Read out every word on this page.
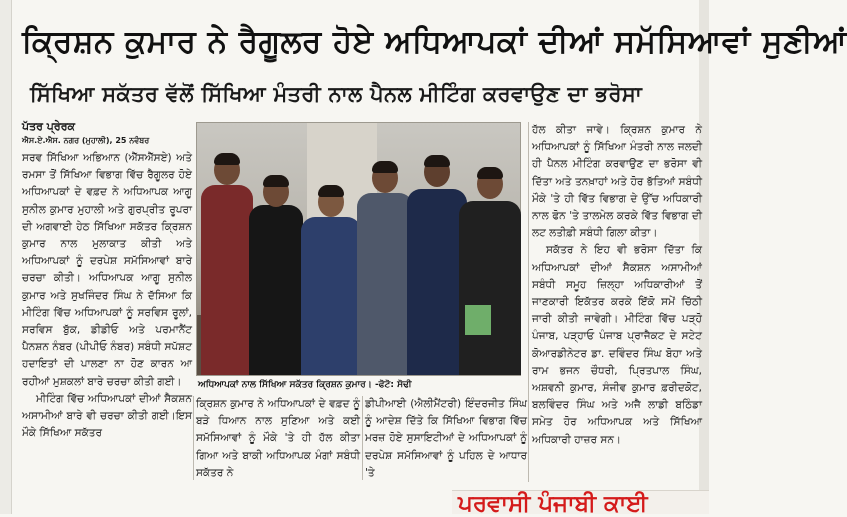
ਕ੍ਰਿਸ਼ਨ ਕੁਮਾਰ ਨੇ ਰੈਗੂਲਰ ਹੋਏ ਅਧਿਆਪਕਾਂ ਦੀਆਂ ਸਮੱਸਿਆਵਾਂ ਸੁਣੀਆਂ
ਸਿੱਖਿਆ ਸਕੱਤਰ ਵੱਲੋਂ ਸਿੱਖਿਆ ਮੰਤਰੀ ਨਾਲ ਪੈਨਲ ਮੀਟਿੰਗ ਕਰਵਾਉਣ ਦਾ ਭਰੋਸਾ
ਪੱਤਰ ਪ੍ਰੇਰਕ
ਐਸ.ਏ.ਐਸ. ਨਗਰ (ਮੁਹਾਲੀ), 25 ਨਵੰਬਰ

ਸਰਵ ਸਿੱਖਿਆ ਅਭਿਆਨ (ਐੱਸਐੱਸਏ) ਅਤੇ ਰਮਸਾ ਤੋਂ ਸਿੱਖਿਆ ਵਿਭਾਗ ਵਿੱਚ ਰੈਗੂਲਰ ਹੋਏ ਅਧਿਆਪਕਾਂ ਦੇ ਵਫ਼ਦ ਨੇ ਅਧਿਆਪਕ ਆਗੂ ਸੁਨੀਲ ਕੁਮਾਰ ਮੁਹਾਲੀ ਅਤੇ ਗੁਰਪ੍ਰੀਤ ਰੂਪਰਾ ਦੀ ਅਗਵਾਈ ਹੇਠ ਸਿੱਖਿਆ ਸਕੱਤਰ ਕ੍ਰਿਸ਼ਨ ਕੁਮਾਰ ਨਾਲ ਮੁਲਾਕਾਤ ਕੀਤੀ ਅਤੇ ਅਧਿਆਪਕਾਂ ਨੂੰ ਦਰਪੇਸ਼ ਸਮੱਸਿਆਵਾਂ ਬਾਰੇ ਚਰਚਾ ਕੀਤੀ। ਅਧਿਆਪਕ ਆਗੂ ਸੁਨੀਲ ਕੁਮਾਰ ਅਤੇ ਸੁਖਜਿੰਦਰ ਸਿੰਘ ਨੇ ਦੱਸਿਆ ਕਿ ਮੀਟਿੰਗ ਵਿੱਚ ਅਧਿਆਪਕਾਂ ਨੂੰ ਸਰਵਿਸ ਰੂਲਾਂ, ਸਰਵਿਸ ਬੁੱਕ, ਡੀਡੀਓ ਅਤੇ ਪਰਮਾਨੈਂਟ ਪੈਨਸ਼ਨ ਨੰਬਰ (ਪੀਪੀਓ ਨੰਬਰ) ਸਬੰਧੀ ਸਪੱਸ਼ਟ ਹਦਾਇਤਾਂ ਦੀ ਪਾਲਣਾ ਨਾ ਹੋਣ ਕਾਰਨ ਆ ਰਹੀਆਂ ਮੁਸ਼ਕਲਾਂ ਬਾਰੇ ਚਰਚਾ ਕੀਤੀ ਗਈ।

ਮੀਟਿੰਗ ਵਿੱਚ ਅਧਿਆਪਕਾਂ ਦੀਆਂ ਸੈਕਸ਼ਨ ਅਸਾਮੀਆਂ ਬਾਰੇ ਵੀ ਚਰਚਾ ਕੀਤੀ ਗਈ।ਇਸ ਮੌਕੇ ਸਿੱਖਿਆ ਸਕੱਤਰ

ਅਧਿਆਪਕਾਂ ਨਾਲ ਸਿੱਖਿਆ ਸਕੱਤਰ ਕ੍ਰਿਸ਼ਨ ਕੁਮਾਰ। -ਫੋਟੋ: ਸੋਢੀ

ਕ੍ਰਿਸ਼ਨ ਕੁਮਾਰ ਨੇ ਅਧਿਆਪਕਾਂ ਦੇ ਵਫ਼ਦ ਨੂੰ ਬੜੇ ਧਿਆਨ ਨਾਲ ਸੁਣਿਆ ਅਤੇ ਕਈ ਸਮੱਸਿਆਵਾਂ ਨੂੰ ਮੌਕੇ 'ਤੇ ਹੀ ਹੱਲ ਕੀਤਾ ਗਿਆ ਅਤੇ ਬਾਕੀ ਅਧਿਆਪਕ ਮੰਗਾਂ ਸਬੰਧੀ ਸਕੱਤਰ ਨੇ

ਡੀਪੀਆਈ (ਐਲੀਮੈਂਟਰੀ) ਇੰਦਰਜੀਤ ਸਿੰਘ ਨੂੰ ਆਦੇਸ਼ ਦਿੱਤੇ ਕਿ ਸਿੱਖਿਆ ਵਿਭਾਗ ਵਿੱਚ ਮਰਜ਼ ਹੋਏ ਸੁਸਾਇਟੀਆਂ ਦੇ ਅਧਿਆਪਕਾਂ ਨੂੰ ਦਰਪੇਸ਼ ਸਮੱਸਿਆਵਾਂ ਨੂੰ ਪਹਿਲ ਦੇ ਆਧਾਰ 'ਤੇ

ਹੱਲ ਕੀਤਾ ਜਾਵੇ। ਕ੍ਰਿਸ਼ਨ ਕੁਮਾਰ ਨੇ ਅਧਿਆਪਕਾਂ ਨੂੰ ਸਿੱਖਿਆ ਮੰਤਰੀ ਨਾਲ ਜਲਦੀ ਹੀ ਪੈਨਲ ਮੀਟਿੰਗ ਕਰਵਾਉਣ ਦਾ ਭਰੋਸਾ ਵੀ ਦਿੱਤਾ ਅਤੇ ਤਨਖ਼ਾਹਾਂ ਅਤੇ ਹੋਰ ਭੱਤਿਆਂ ਸਬੰਧੀ ਮੌਕੇ 'ਤੇ ਹੀ ਵਿੱਤ ਵਿਭਾਗ ਦੇ ਉੱਚ ਅਧਿਕਾਰੀ ਨਾਲ ਫੋਨ 'ਤੇ ਤਾਲਮੇਲ ਕਰਕੇ ਵਿੱਤ ਵਿਭਾਗ ਦੀ ਲਟ ਲਤੀਫ਼ੀ ਸਬੰਧੀ ਗਿਲਾ ਕੀਤਾ।

ਸਕੱਤਰ ਨੇ ਇਹ ਵੀ ਭਰੋਸਾ ਦਿੱਤਾ ਕਿ ਅਧਿਆਪਕਾਂ ਦੀਆਂ ਸੈਕਸ਼ਨ ਅਸਾਮੀਆਂ ਸਬੰਧੀ ਸਮੂਹ ਜ਼ਿਲ੍ਹਾ ਅਧਿਕਾਰੀਆਂ ਤੋਂ ਜਾਣਕਾਰੀ ਇਕੱਤਰ ਕਰਕੇ ਇੱਕੋ ਸਮੇਂ ਚਿੱਠੀ ਜਾਰੀ ਕੀਤੀ ਜਾਵੇਗੀ। ਮੀਟਿੰਗ ਵਿੱਚ ਪੜ੍ਹੋ ਪੰਜਾਬ, ਪੜ੍ਹਾਓ ਪੰਜਾਬ ਪ੍ਰਾਜੈਕਟ ਦੇ ਸਟੇਟ ਕੋਆਰਡੀਨੇਟਰ ਡਾ. ਦਵਿੰਦਰ ਸਿੰਘ ਬੋਹਾ ਅਤੇ ਰਾਮ ਭਜਨ ਚੌਧਰੀ, ਪ੍ਰਿਤਪਾਲ ਸਿੰਘ, ਅਸ਼ਵਨੀ ਕੁਮਾਰ, ਸੰਜੀਵ ਕੁਮਾਰ ਫ਼ਰੀਦਕੋਟ, ਬਲਵਿੰਦਰ ਸਿੰਘ ਅਤੇ ਅਜੈ ਲਾਡੀ ਬਠਿੰਡਾ ਸਮੇਤ ਹੋਰ ਅਧਿਆਪਕ ਅਤੇ ਸਿੱਖਿਆ ਅਧਿਕਾਰੀ ਹਾਜ਼ਰ ਸਨ।

ਪਰਵਾਸੀ ਪੰਜਾਬੀ ਕਾਈ
